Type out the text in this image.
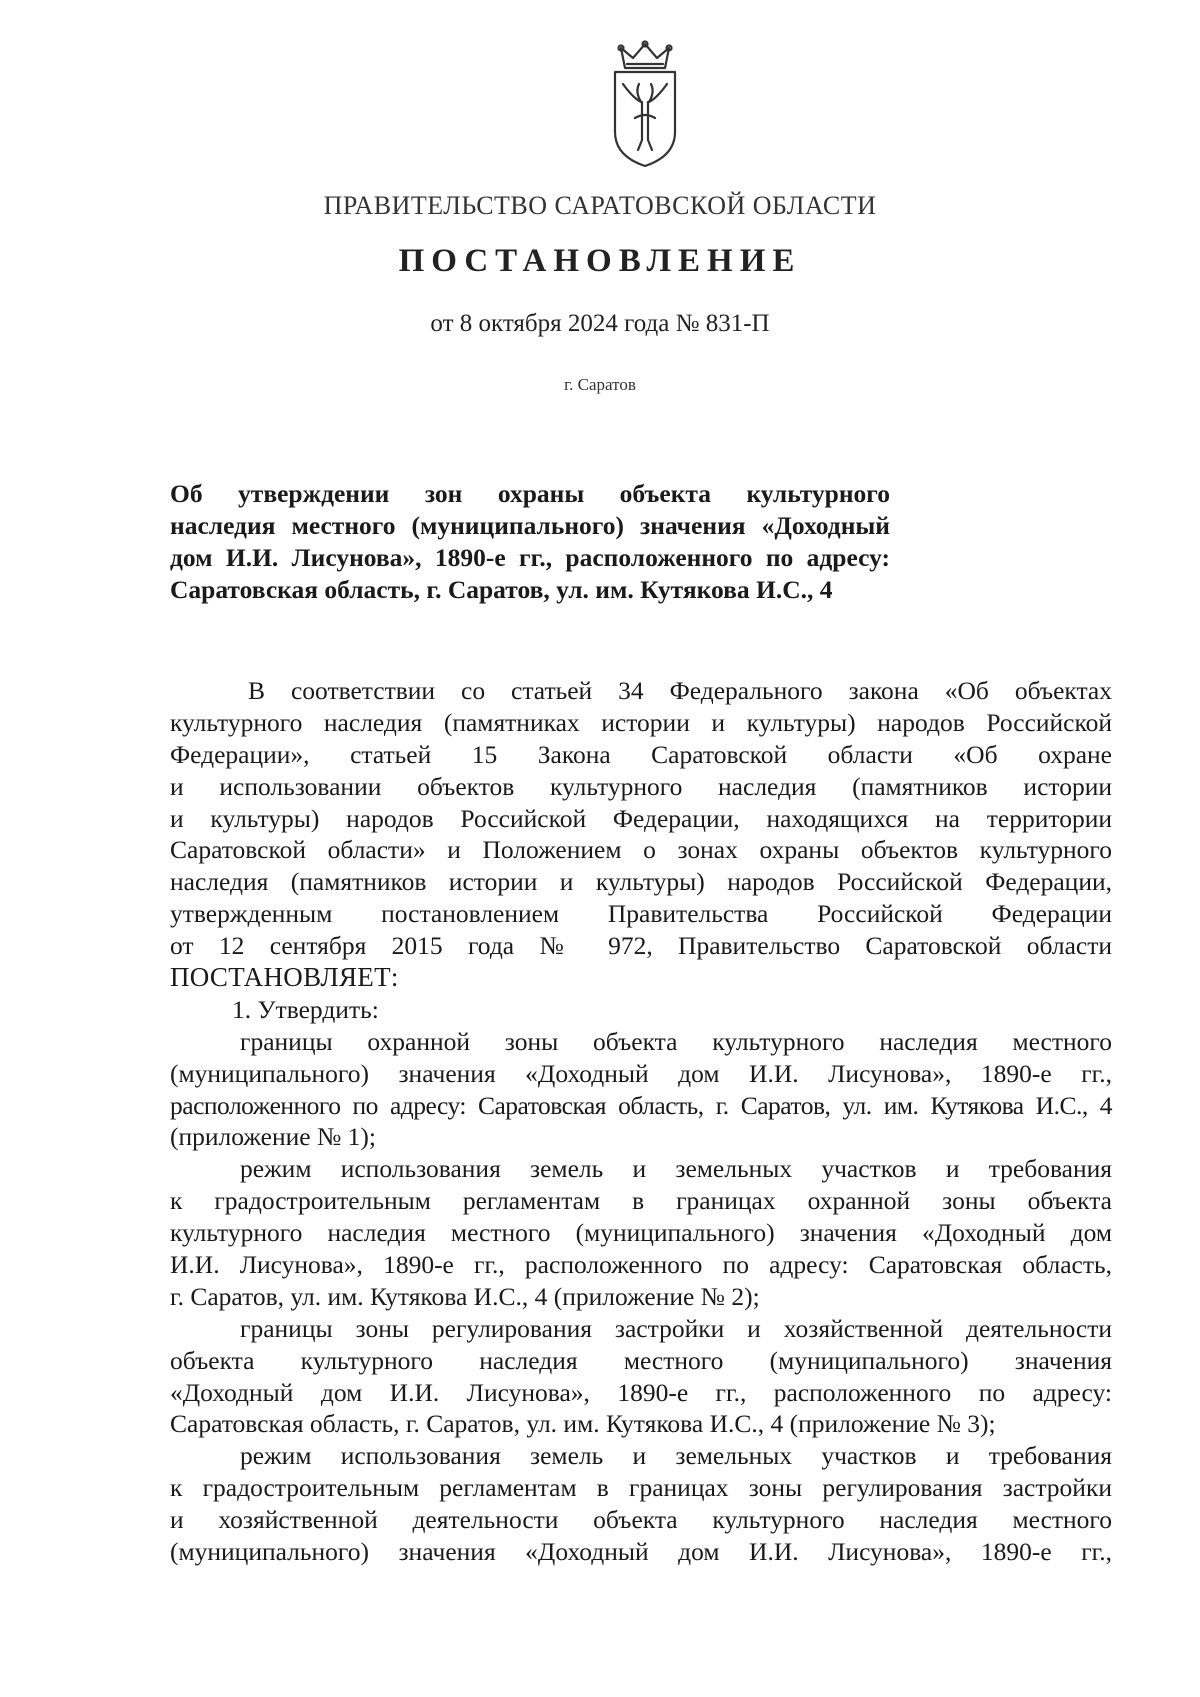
ПРАВИТЕЛЬСТВО САРАТОВСКОЙ ОБЛАСТИ
ПОСТАНОВЛЕНИЕ
от 8 октября 2024 года № 831-П
г. Саратов
Об утверждении зон охраны объекта культурного
наследия местного (муниципального) значения «Доходный
дом И.И. Лисунова», 1890-е гг., расположенного по адресу:
Саратовская область, г. Саратов, ул. им. Кутякова И.С., 4
В соответствии со статьей 34 Федерального закона «Об объектах
культурного наследия (памятниках истории и культуры) народов Российской
Федерации», статьей 15 Закона Саратовской области «Об охране
и использовании объектов культурного наследия (памятников истории
и культуры) народов Российской Федерации, находящихся на территории
Саратовской области» и Положением о зонах охраны объектов культурного
наследия (памятников истории и культуры) народов Российской Федерации,
утвержденным постановлением Правительства Российской Федерации
от 12 сентября 2015 года № 972, Правительство Саратовской области
ПОСТАНОВЛЯЕТ:
1. Утвердить:
границы охранной зоны объекта культурного наследия местного
(муниципального) значения «Доходный дом И.И. Лисунова», 1890-е гг.,
расположенного по адресу: Саратовская область, г. Саратов, ул. им. Кутякова И.С., 4
(приложение № 1);
режим использования земель и земельных участков и требования
к градостроительным регламентам в границах охранной зоны объекта
культурного наследия местного (муниципального) значения «Доходный дом
И.И. Лисунова», 1890-е гг., расположенного по адресу: Саратовская область,
г. Саратов, ул. им. Кутякова И.С., 4 (приложение № 2);
границы зоны регулирования застройки и хозяйственной деятельности
объекта культурного наследия местного (муниципального) значения
«Доходный дом И.И. Лисунова», 1890-е гг., расположенного по адресу:
Саратовская область, г. Саратов, ул. им. Кутякова И.С., 4 (приложение № 3);
режим использования земель и земельных участков и требования
к градостроительным регламентам в границах зоны регулирования застройки
и хозяйственной деятельности объекта культурного наследия местного
(муниципального) значения «Доходный дом И.И. Лисунова», 1890-е гг.,
